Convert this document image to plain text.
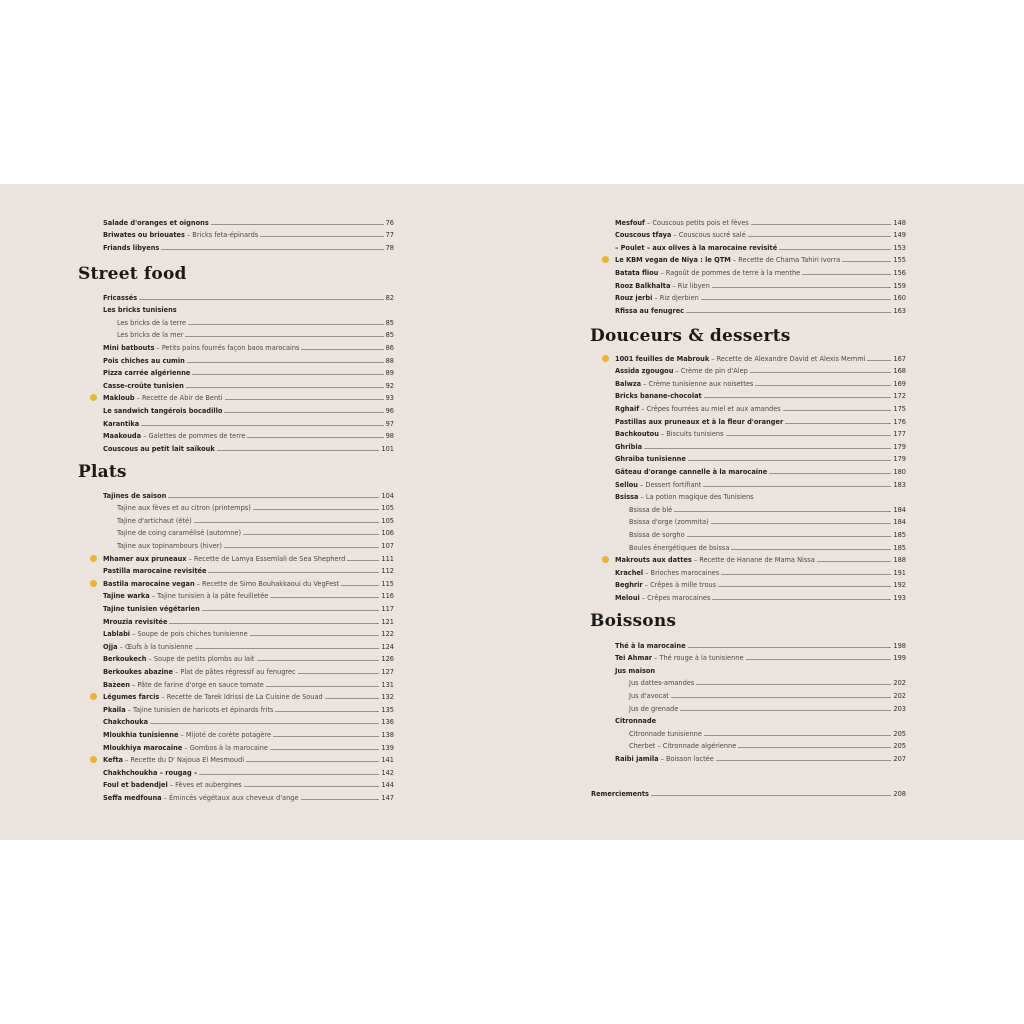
Salade d'oranges et oignons	76
Briwates ou briouates – Bricks feta-épinards	77
Friands libyens	78
Street food
Fricassés	82
Les bricks tunisiens
Les bricks de la terre	85
Les bricks de la mer	85
Mini batbouts – Petits pains fourrés façon baos marocains	86
Pois chiches au cumin	88
Pizza carrée algérienne	89
Casse-croûte tunisien	92
Makloub – Recette de Abir de Benti	93
Le sandwich tangérois bocadillo	96
Karantika	97
Maakouda – Galettes de pommes de terre	98
Couscous au petit lait saïkouk	101
Plats
Tajines de saison	104
Tajine aux fèves et au citron (printemps)	105
Tajine d'artichaut (été)	105
Tajine de coing caramélisé (automne)	106
Tajine aux topinambours (hiver)	107
Mhamer aux pruneaux – Recette de Lamya Essemlali de Sea Shepherd	111
Pastilla marocaine revisitée	112
Bastila marocaine vegan – Recette de Simo Bouhakkaoui du VegFest	115
Tajine warka – Tajine tunisien à la pâte feuilletée	116
Tajine tunisien végétarien	117
Mrouzia revisitée	121
Lablabi – Soupe de pois chiches tunisienne	122
Ojja – Œufs à la tunisienne	124
Berkoukech – Soupe de petits plombs au lait	126
Berkoukes abazine – Plat de pâtes régressif au fenugrec	127
Bazeen – Pâte de farine d'orge en sauce tomate	131
Légumes farcis – Recette de Tarek Idrissi de La Cuisine de Souad	132
Pkaila – Tajine tunisien de haricots et épinards frits	135
Chakchouka	136
Mloukhia tunisienne – Mijoté de corète potagère	138
Mloukhiya marocaine – Gombos à la marocaine	139
Kefta – Recette du Dʳ Najoua El Mesmoudi	141
Chakhchoukha – rougag –	142
Foul et badendjel – Fèves et aubergines	144
Seffa medfouna – Émincés végétaux aux cheveux d'ange	147
Mesfouf – Couscous petits pois et fèves	148
Couscous tfaya – Couscous sucré salé	149
– Poulet – aux olives à la marocaine revisité	153
Le KBM vegan de Niya : le QTM – Recette de Chama Tahiri Ivorra	155
Batata fliou – Ragoût de pommes de terre à la menthe	156
Rooz Balkhalta – Riz libyen	159
Rouz jerbi – Riz djerbien	160
Rfissa au fenugrec	163
Douceurs & desserts
1001 feuilles de Mabrouk – Recette de Alexandre David et Alexis Memmi	167
Assida zgougou – Crème de pin d'Alep	168
Balwza – Crème tunisienne aux noisettes	169
Bricks banane-chocolat	172
Rghaif – Crêpes fourrées au miel et aux amandes	175
Pastillas aux pruneaux et à la fleur d'oranger	176
Bachkoutou – Biscuits tunisiens	177
Ghribia	179
Ghraiba tunisienne	179
Gâteau d'orange cannelle à la marocaine	180
Sellou – Dessert fortifiant	183
Bsissa – La potion magique des Tunisiens
Bsissa de blé	184
Bsissa d'orge (zommita)	184
Bsissa de sorgho	185
Boules énergétiques de bsissa	185
Makrouts aux dattes – Recette de Hanane de Mama Nissa	188
Krachel – Brioches marocaines	191
Beghrir – Crêpes à mille trous	192
Meloui – Crêpes marocaines	193
Boissons
Thé à la marocaine	198
Tei Ahmar – Thé rouge à la tunisienne	199
Jus maison
Jus dattes-amandes	202
Jus d'avocat	202
Jus de grenade	203
Citronnade
Citronnade tunisienne	205
Cherbet – Citronnade algérienne	205
Raibi jamila – Boisson lactée	207
Remerciements	208
